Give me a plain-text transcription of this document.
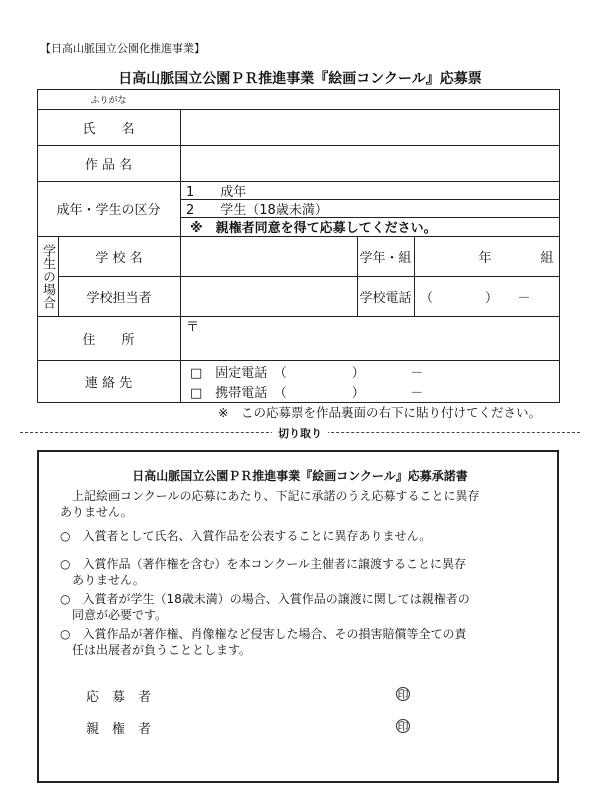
【日高山脈国立公園化推進事業】
日高山脈国立公園ＰＲ推進事業『絵画コンクール』応募票
ふりがな
氏　　名
作 品 名
成年・学生の区分
1　　成年
2　　学生（18歳未満）
※　親権者同意を得て応募してください。
学生の場合	学 校 名	学年・組	年	組
学校担当者	学校電話 （　　　　）　　－
住　　所
〒
連 絡 先
□　固定電話　（　　　　　）　　　　－
□　携帯電話　（　　　　　）　　　　－
※　この応募票を作品裏面の右下に貼り付けてください。
切り取り
日高山脈国立公園ＰＲ推進事業『絵画コンクール』応募承諾書
上記絵画コンクールの応募にあたり、下記に承諾のうえ応募することに異存
ありません。
○　入賞者として氏名、入賞作品を公表することに異存ありません。
○　入賞作品（著作権を含む）を本コンクール主催者に譲渡することに異存
ありません。
○　入賞者が学生（18歳未満）の場合、入賞作品の譲渡に関しては親権者の
同意が必要です。
○　入賞作品が著作権、肖像権など侵害した場合、その損害賠償等全ての責
任は出展者が負うこととします。
応　募　者	印
親　権　者	印
